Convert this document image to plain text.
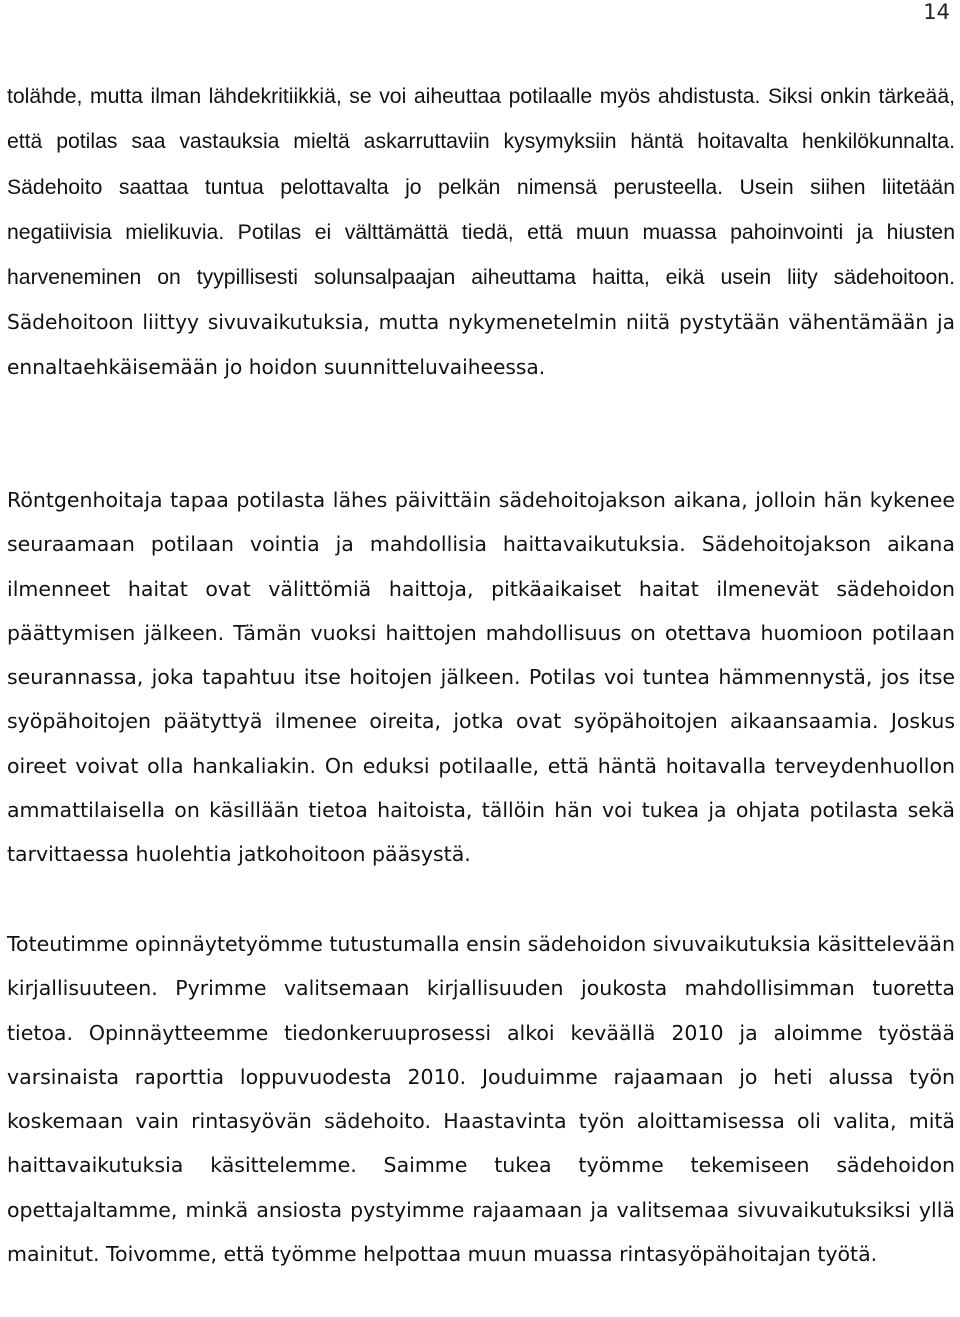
14

tolähde, mutta ilman lähdekritiikkiä, se voi aiheuttaa potilaalle myös ahdistusta. Siksi onkin tärkeää, että potilas saa vastauksia mieltä askarruttaviin kysymyksiin häntä hoitavalta henkilökunnalta. Sädehoito saattaa tuntua pelottavalta jo pelkän nimensä perusteella. Usein siihen liitetään negatiivisia mielikuvia. Potilas ei välttämättä tiedä, että muun muassa pahoinvointi ja hiusten harveneminen on tyypillisesti solunsalpaajan aiheuttama haitta, eikä usein liity sädehoitoon. Sädehoitoon liittyy sivuvaikutuksia, mutta nykymenetelmin niitä pystytään vähentämään ja ennaltaehkäisemään jo hoidon suunnitteluvaiheessa.

Röntgenhoitaja tapaa potilasta lähes päivittäin sädehoitojakson aikana, jolloin hän kykenee seuraamaan potilaan vointia ja mahdollisia haittavaikutuksia. Sädehoitojakson aikana ilmenneet haitat ovat välittömiä haittoja, pitkäaikaiset haitat ilmenevät sädehoidon päättymisen jälkeen. Tämän vuoksi haittojen mahdollisuus on otettava huomioon potilaan seurannassa, joka tapahtuu itse hoitojen jälkeen. Potilas voi tuntea hämmennystä, jos itse syöpähoitojen päätyttyä ilmenee oireita, jotka ovat syöpähoitojen aikaansaamia. Joskus oireet voivat olla hankaliakin. On eduksi potilaalle, että häntä hoitavalla terveydenhuollon ammattilaisella on käsillään tietoa haitoista, tällöin hän voi tukea ja ohjata potilasta sekä tarvittaessa huolehtia jatkohoitoon pääsystä.

Toteutimme opinnäytetyömme tutustumalla ensin sädehoidon sivuvaikutuksia käsittelevään kirjallisuuteen. Pyrimme valitsemaan kirjallisuuden joukosta mahdollisimman tuoretta tietoa. Opinnäytteemme tiedonkeruuprosessi alkoi keväällä 2010 ja aloimme työstää varsinaista raporttia loppuvuodesta 2010. Jouduimme rajaamaan jo heti alussa työn koskemaan vain rintasyövän sädehoito. Haastavinta työn aloittamisessa oli valita, mitä haittavaikutuksia käsittelemme. Saimme tukea työmme tekemiseen sädehoidon opettajaltamme, minkä ansiosta pystyimme rajaamaan ja valitsemaa sivuvaikutuksiksi yllä mainitut. Toivomme, että työmme helpottaa muun muassa rintasyöpähoitajan työtä.
